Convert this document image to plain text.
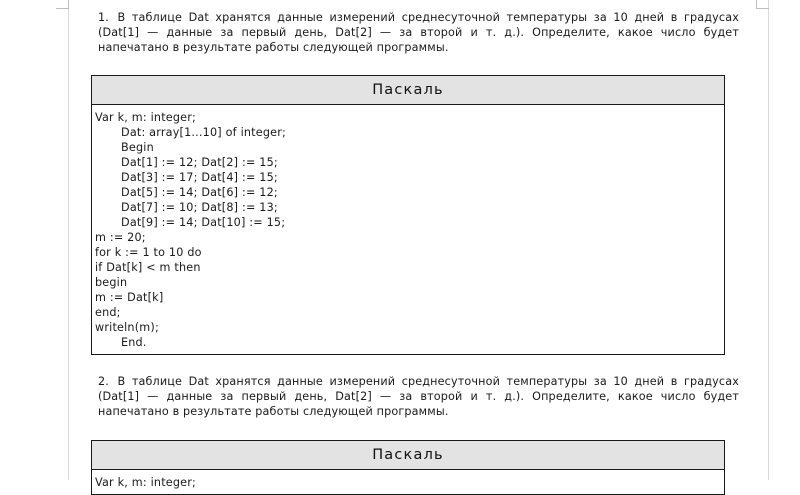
1. В таблице Dat хранятся данные измерений среднесуточной температуры за 10 дней в градусах (Dat[1] — данные за первый день, Dat[2] — за второй и т. д.). Определите, какое число будет напечатано в результате работы следующей программы.
Паскаль
Var k, m: integer;
Dat: array[1...10] of integer;
Begin
Dat[1] := 12; Dat[2] := 15;
Dat[3] := 17; Dat[4] := 15;
Dat[5] := 14; Dat[6] := 12;
Dat[7] := 10; Dat[8] := 13;
Dat[9] := 14; Dat[10] := 15;
m := 20;
for k := 1 to 10 do
if Dat[k] < m then
begin
m := Dat[k]
end;
writeln(m);
End.
2. В таблице Dat хранятся данные измерений среднесуточной температуры за 10 дней в градусах (Dat[1] — данные за первый день, Dat[2] — за второй и т. д.). Определите, какое число будет напечатано в результате работы следующей программы.
Паскаль
Var k, m: integer;
